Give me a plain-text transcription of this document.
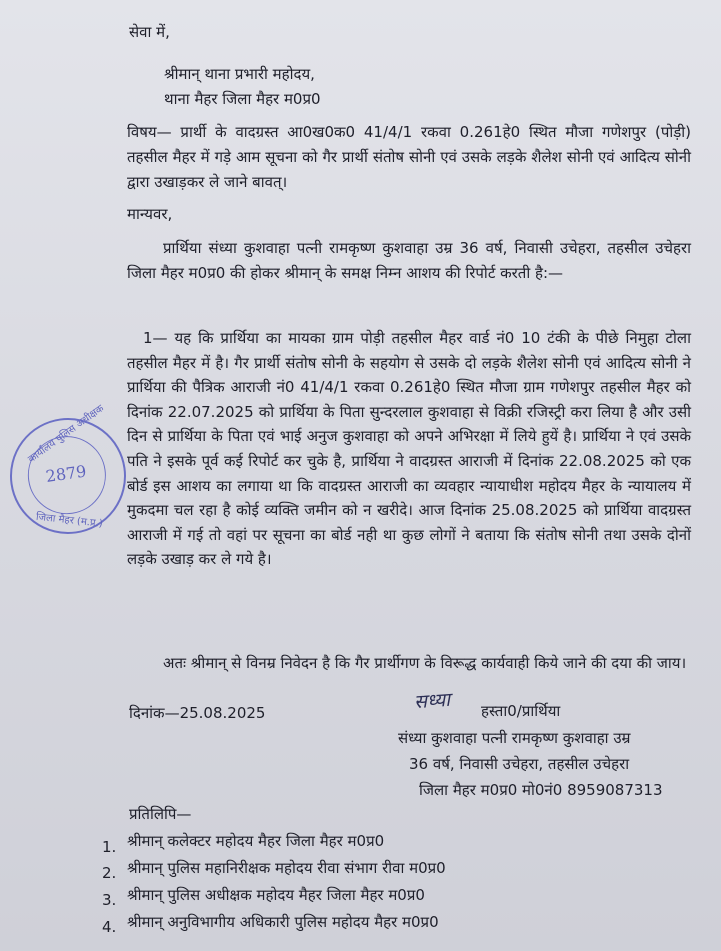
सेवा में,
श्रीमान् थाना प्रभारी महोदय,
थाना मैहर जिला मैहर म0प्र0
विषय— प्रार्थी के वादग्रस्त आ0ख0क0 41/4/1 रकवा 0.261हे0 स्थित मौजा गणेशपुर (पोड़ी) तहसील मैहर में गड़े आम सूचना को गैर प्रार्थी संतोष सोनी एवं उसके लड़के शैलेश सोनी एवं आदित्य सोनी द्वारा उखाड़कर ले जाने बावत्।
मान्यवर,
प्रार्थिया संध्या कुशवाहा पत्नी रामकृष्ण कुशवाहा उम्र 36 वर्ष, निवासी उचेहरा, तहसील उचेहरा जिला मैहर म0प्र0 की होकर श्रीमान् के समक्ष निम्न आशय की रिपोर्ट करती है:—
1— यह कि प्रार्थिया का मायका ग्राम पोड़ी तहसील मैहर वार्ड नं0 10 टंकी के पीछे निमुहा टोला तहसील मैहर में है। गैर प्रार्थी संतोष सोनी के सहयोग से उसके दो लड़के शैलेश सोनी एवं आदित्य सोनी ने प्रार्थिया की पैत्रिक आराजी नं0 41/4/1 रकवा 0.261हे0 स्थित मौजा ग्राम गणेशपुर तहसील मैहर को दिनांक 22.07.2025 को प्रार्थिया के पिता सुन्दरलाल कुशवाहा से विक्री रजिस्ट्री करा लिया है और उसी दिन से प्रार्थिया के पिता एवं भाई अनुज कुशवाहा को अपने अभिरक्षा में लिये हुयें है। प्रार्थिया ने एवं उसके पति ने इसके पूर्व कई रिपोर्ट कर चुके है, प्रार्थिया ने वादग्रस्त आराजी में दिनांक 22.08.2025 को एक बोर्ड इस आशय का लगाया था कि वादग्रस्त आराजी का व्यवहार न्यायाधीश महोदय मैहर के न्यायालय में मुकदमा चल रहा है कोई व्यक्ति जमीन को न खरीदे। आज दिनांक 25.08.2025 को प्रार्थिया वादग्रस्त आराजी में गई तो वहां पर सूचना का बोर्ड नही था कुछ लोगों ने बताया कि संतोष सोनी तथा उसके दोनों लड़के उखाड़ कर ले गये है।
अतः श्रीमान् से विनम्र निवेदन है कि गैर प्रार्थीगण के विरूद्ध कार्यवाही किये जाने की दया की जाय।
दिनांक—25.08.2025	सध्या हस्ता0/प्रार्थिया
संध्या कुशवाहा पत्नी रामकृष्ण कुशवाहा उम्र
36 वर्ष, निवासी उचेहरा, तहसील उचेहरा
जिला मैहर म0प्र0 मो0नं0 8959087313
प्रतिलिपि—
1. श्रीमान् कलेक्टर महोदय मैहर जिला मैहर म0प्र0
2. श्रीमान् पुलिस महानिरीक्षक महोदय रीवा संभाग रीवा म0प्र0
3. श्रीमान् पुलिस अधीक्षक महोदय मैहर जिला मैहर म0प्र0
4. श्रीमान् अनुविभागीय अधिकारी पुलिस महोदय मैहर म0प्र0
कार्यालय पुलिस अधीक्षक
2879
जिला मैहर (म.प्र.)
